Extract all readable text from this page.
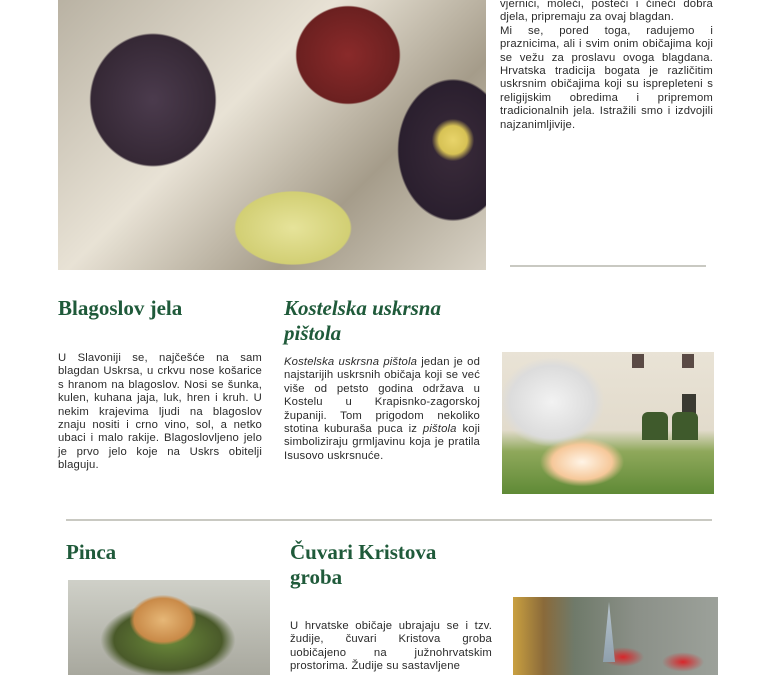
vjernici, moleći, posteći i čineći dobra djela, pripremaju za ovaj blagdan.
Mi se, pored toga, radujemo i praznicima, ali i svim onim običajima koji se vežu za proslavu ovoga blagdana. Hrvatska tradicija bogata je različitim uskrsnim običajima koji su isprepleteni s religijskim obredima i pripremom tradicionalnih jela. Istražili smo i izdvojili najzanimljivije.
Blagoslov jela
U Slavoniji se, najčešće na sam blagdan Uskrsa, u crkvu nose košarice s hranom na blagoslov. Nosi se šunka, kulen, kuhana jaja, luk, hren i kruh. U nekim krajevima ljudi na blagoslov znaju nositi i crno vino, sol, a netko ubaci i malo rakije. Blagoslovljeno jelo je prvo jelo koje na Uskrs obitelji blaguju.
Kostelska uskrsna pištola
Kostelska uskrsna pištola jedan je od najstarijih uskrsnih običaja koji se već više od petsto godina održava u Kostelu u Krapisnko-zagorskoj županiji. Tom prigodom nekoliko stotina kuburaša puca iz pištola koji simboliziraju grmljavinu koja je pratila Isusovo uskrsnuće.
Pinca	Čuvari Kristova groba
U hrvatske običaje ubrajaju se i tzv. žudije, čuvari Kristova groba uobičajeno na južnohrvatskim prostorima. Žudije su sastavljene
